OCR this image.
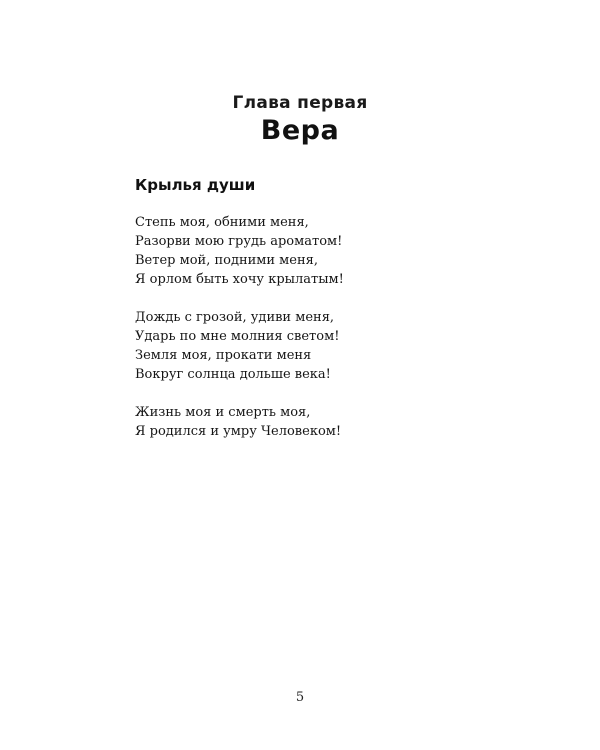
Глава первая
Вера
Крылья души
Степь моя, обними меня,
Разорви мою грудь ароматом!
Ветер мой, подними меня,
Я орлом быть хочу крылатым!
Дождь с грозой, удиви меня,
Ударь по мне молния светом!
Земля моя, прокати меня
Вокруг солнца дольше века!
Жизнь моя и смерть моя,
Я родился и умру Человеком!
5
